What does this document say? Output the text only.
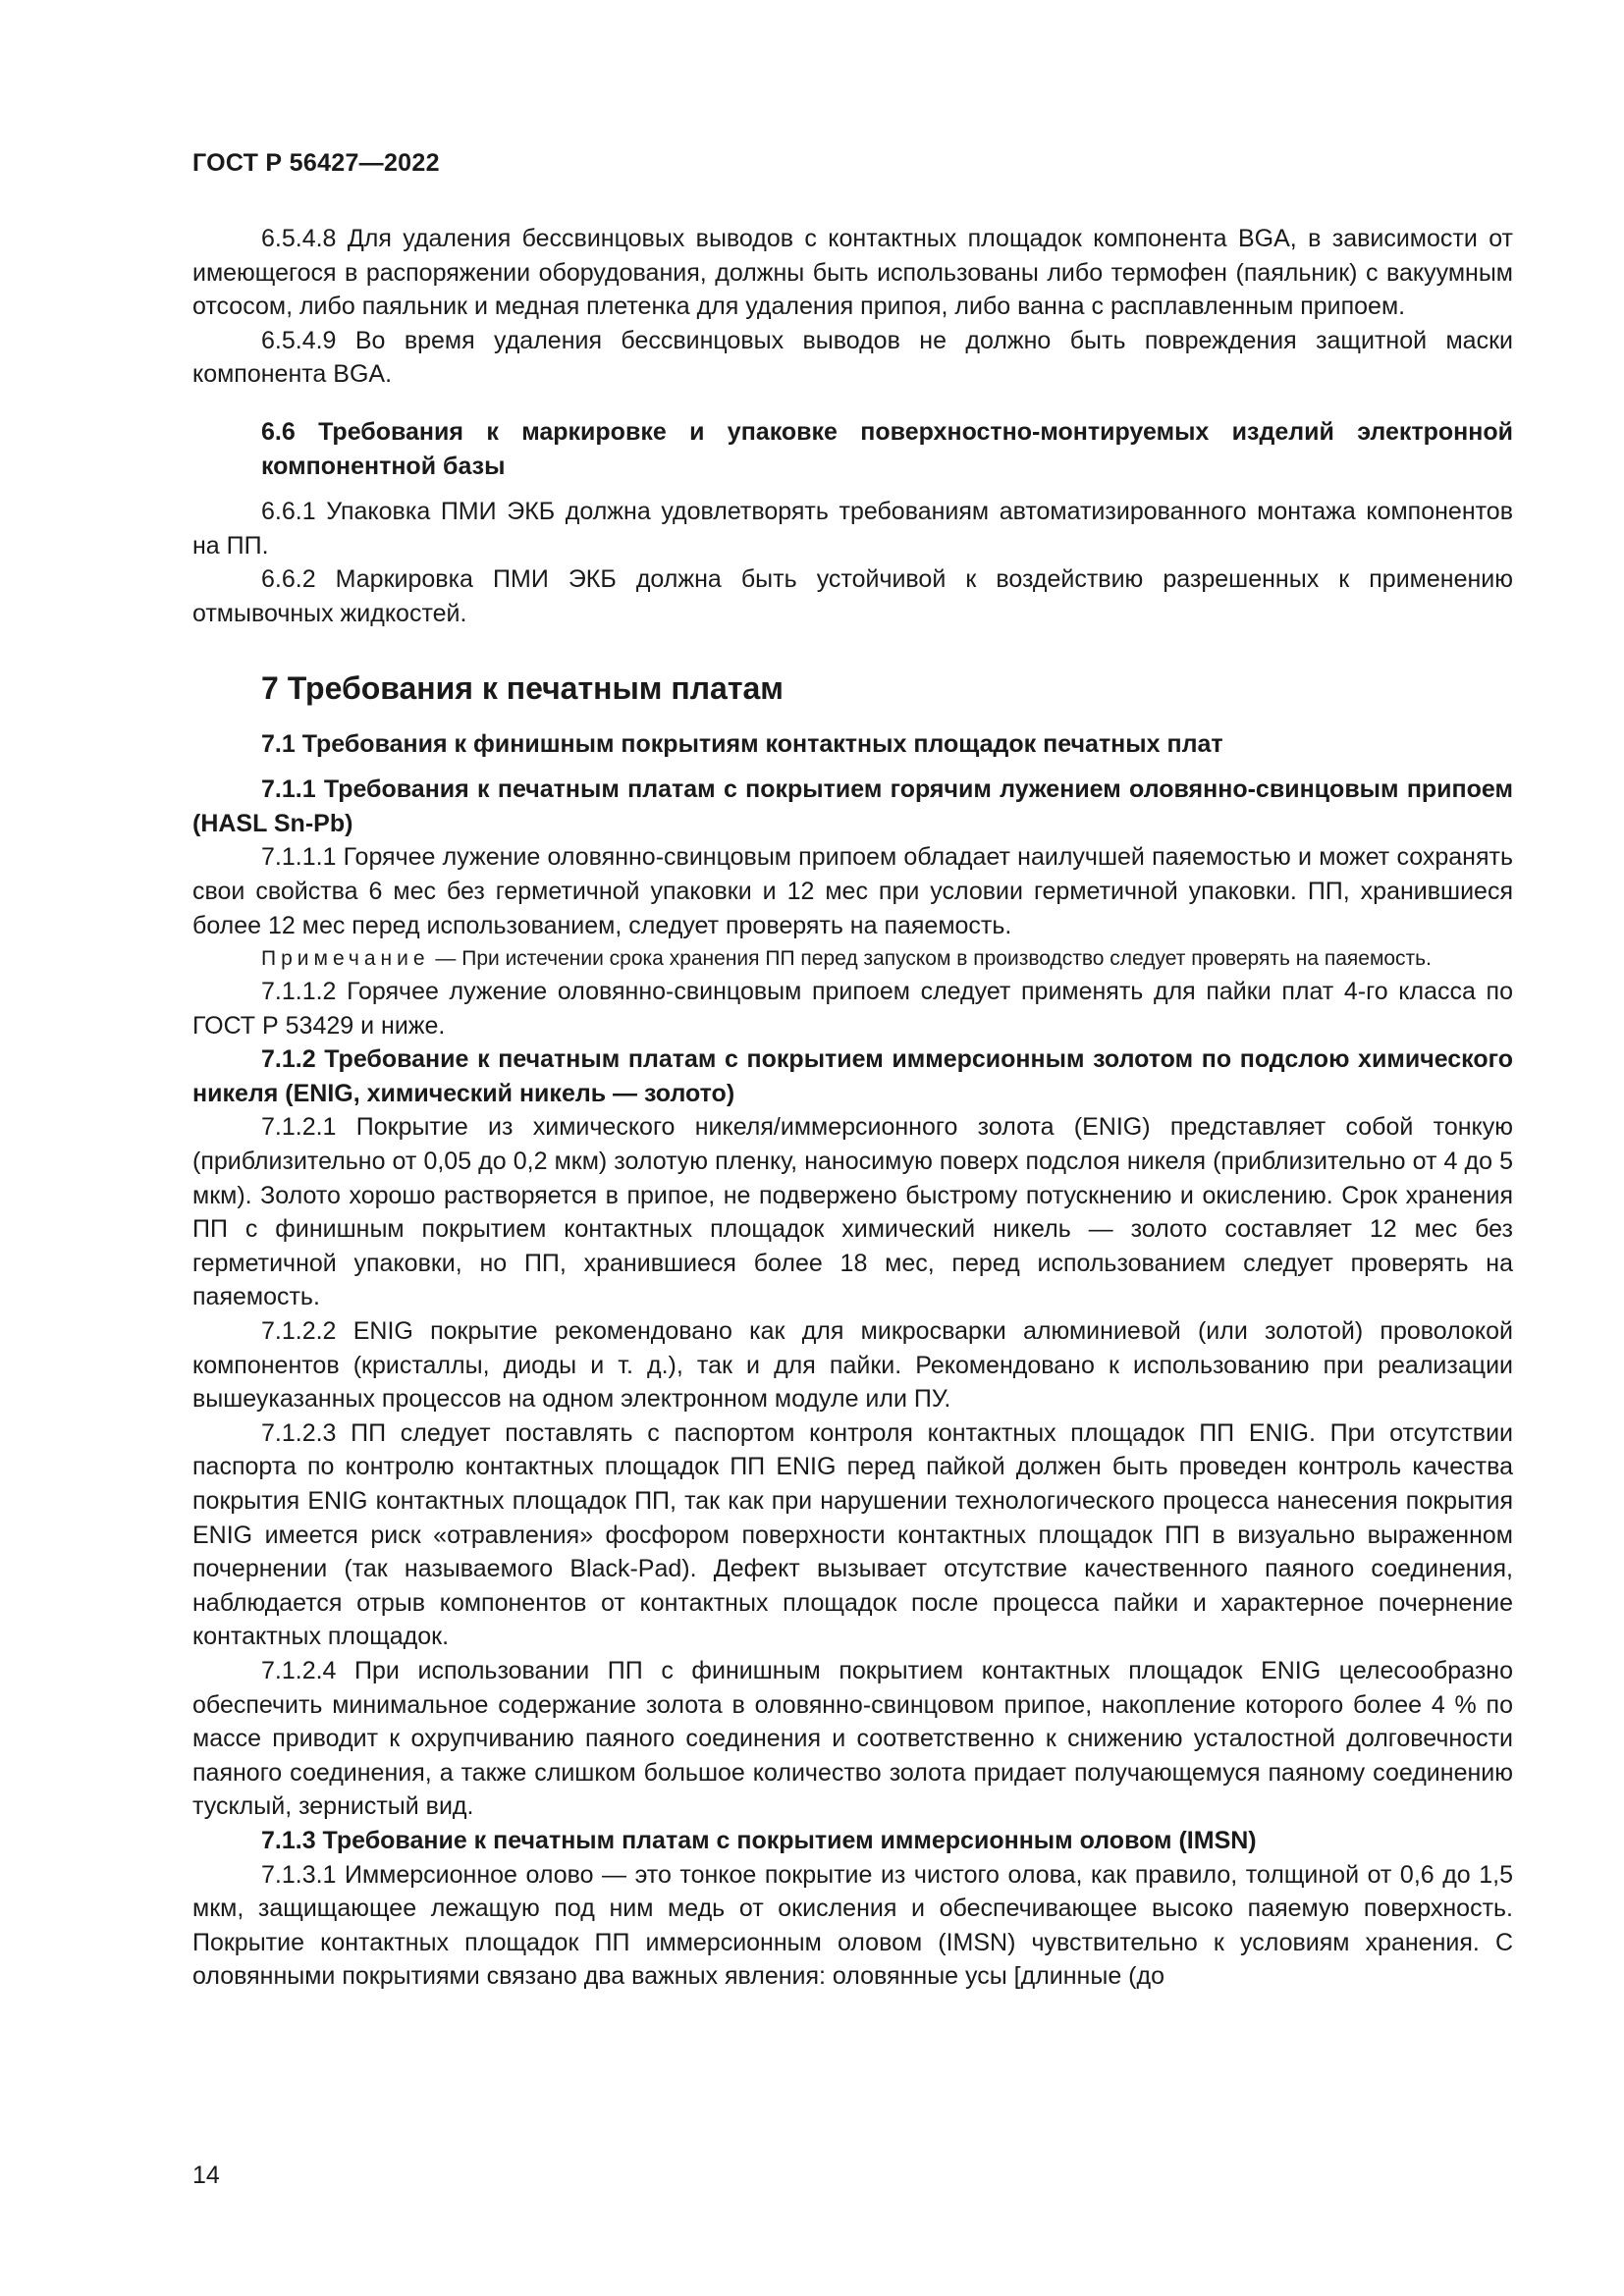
ГОСТ Р 56427—2022

6.5.4.8 Для удаления бессвинцовых выводов с контактных площадок компонента BGA, в зависимости от имеющегося в распоряжении оборудования, должны быть использованы либо термофен (паяльник) с вакуумным отсосом, либо паяльник и медная плетенка для удаления припоя, либо ванна с расплавленным припоем.

6.5.4.9 Во время удаления бессвинцовых выводов не должно быть повреждения защитной маски компонента BGA.

6.6 Требования к маркировке и упаковке поверхностно-монтируемых изделий электронной компонентной базы

6.6.1 Упаковка ПМИ ЭКБ должна удовлетворять требованиям автоматизированного монтажа компонентов на ПП.

6.6.2 Маркировка ПМИ ЭКБ должна быть устойчивой к воздействию разрешенных к применению отмывочных жидкостей.

7 Требования к печатным платам
7.1 Требования к финишным покрытиям контактных площадок печатных плат

7.1.1 Требования к печатным платам с покрытием горячим лужением оловянно-свинцовым припоем (HASL Sn-Pb)

7.1.1.1 Горячее лужение оловянно-свинцовым припоем обладает наилучшей паяемостью и может сохранять свои свойства 6 мес без герметичной упаковки и 12 мес при условии герметичной упаковки. ПП, хранившиеся более 12 мес перед использованием, следует проверять на паяемость.

Примечание — При истечении срока хранения ПП перед запуском в производство следует проверять на паяемость.

7.1.1.2 Горячее лужение оловянно-свинцовым припоем следует применять для пайки плат 4-го класса по ГОСТ Р 53429 и ниже.

7.1.2 Требование к печатным платам с покрытием иммерсионным золотом по подслою химического никеля (ENIG, химический никель — золото)

7.1.2.1 Покрытие из химического никеля/иммерсионного золота (ENIG) представляет собой тонкую (приблизительно от 0,05 до 0,2 мкм) золотую пленку, наносимую поверх подслоя никеля (приблизительно от 4 до 5 мкм). Золото хорошо растворяется в припое, не подвержено быстрому потускнению и окислению. Срок хранения ПП с финишным покрытием контактных площадок химический никель — золото составляет 12 мес без герметичной упаковки, но ПП, хранившиеся более 18 мес, перед использованием следует проверять на паяемость.

7.1.2.2 ENIG покрытие рекомендовано как для микросварки алюминиевой (или золотой) проволокой компонентов (кристаллы, диоды и т. д.), так и для пайки. Рекомендовано к использованию при реализации вышеуказанных процессов на одном электронном модуле или ПУ.

7.1.2.3 ПП следует поставлять с паспортом контроля контактных площадок ПП ENIG. При отсутствии паспорта по контролю контактных площадок ПП ENIG перед пайкой должен быть проведен контроль качества покрытия ENIG контактных площадок ПП, так как при нарушении технологического процесса нанесения покрытия ENIG имеется риск «отравления» фосфором поверхности контактных площадок ПП в визуально выраженном почернении (так называемого Black-Pad). Дефект вызывает отсутствие качественного паяного соединения, наблюдается отрыв компонентов от контактных площадок после процесса пайки и характерное почернение контактных площадок.

7.1.2.4 При использовании ПП с финишным покрытием контактных площадок ENIG целесообразно обеспечить минимальное содержание золота в оловянно-свинцовом припое, накопление которого более 4 % по массе приводит к охрупчиванию паяного соединения и соответственно к снижению усталостной долговечности паяного соединения, а также слишком большое количество золота придает получающемуся паяному соединению тусклый, зернистый вид.

7.1.3 Требование к печатным платам с покрытием иммерсионным оловом (IMSN)

7.1.3.1 Иммерсионное олово — это тонкое покрытие из чистого олова, как правило, толщиной от 0,6 до 1,5 мкм, защищающее лежащую под ним медь от окисления и обеспечивающее высоко паяемую поверхность. Покрытие контактных площадок ПП иммерсионным оловом (IMSN) чувствительно к условиям хранения. С оловянными покрытиями связано два важных явления: оловянные усы [длинные (до

14
